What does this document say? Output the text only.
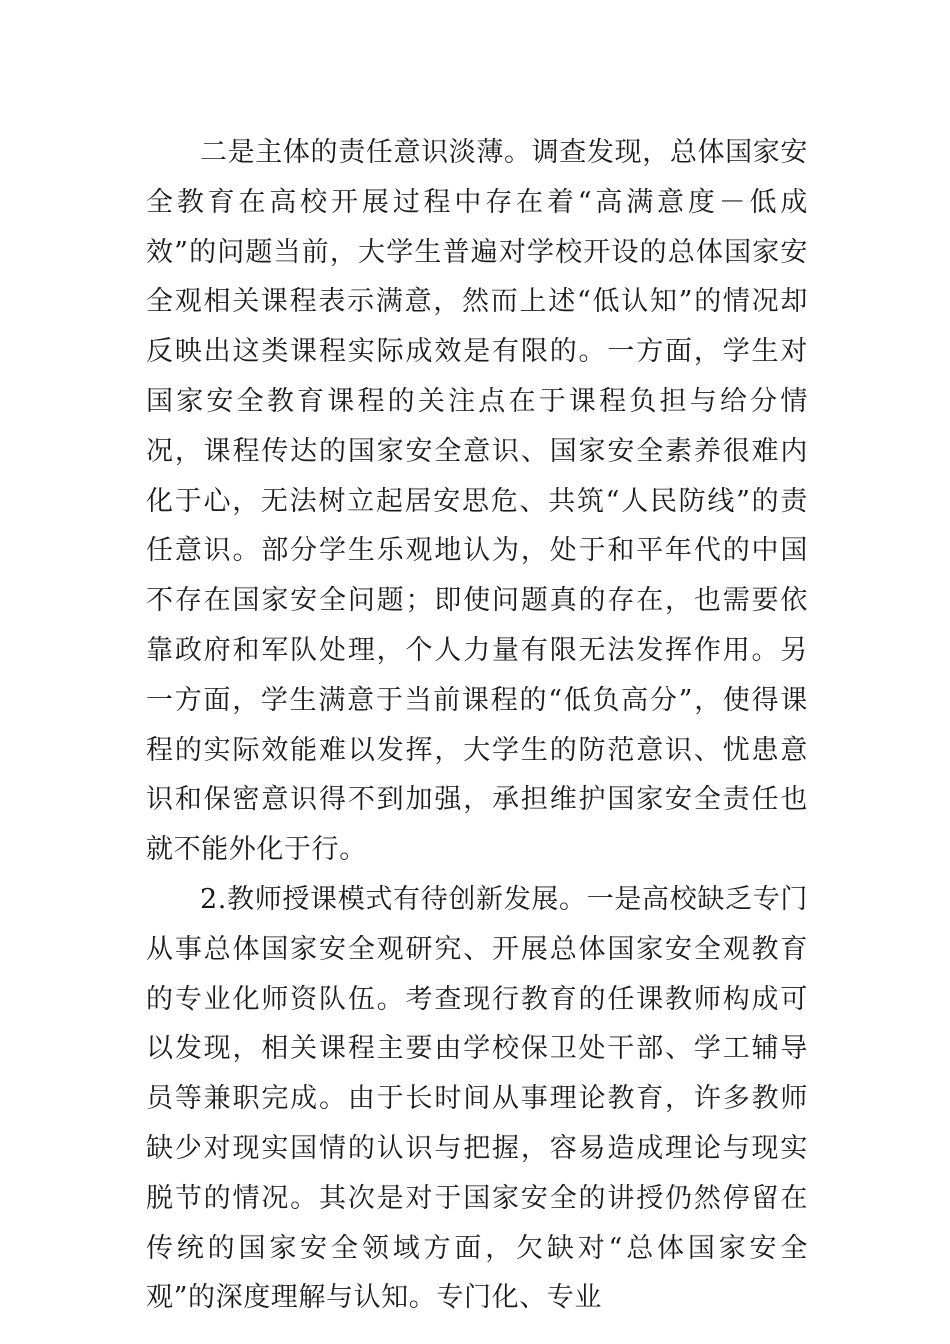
二是主体的责任意识淡薄。调查发现，总体国家安全教育在高校开展过程中存在着“高满意度－低成效”的问题当前，大学生普遍对学校开设的总体国家安全观相关课程表示满意，然而上述“低认知”的情况却反映出这类课程实际成效是有限的。一方面，学生对国家安全教育课程的关注点在于课程负担与给分情况，课程传达的国家安全意识、国家安全素养很难内化于心，无法树立起居安思危、共筑“人民防线”的责任意识。部分学生乐观地认为，处于和平年代的中国不存在国家安全问题；即使问题真的存在，也需要依靠政府和军队处理，个人力量有限无法发挥作用。另一方面，学生满意于当前课程的“低负高分”，使得课程的实际效能难以发挥，大学生的防范意识、忧患意识和保密意识得不到加强，承担维护国家安全责任也就不能外化于行。

2.教师授课模式有待创新发展。一是高校缺乏专门从事总体国家安全观研究、开展总体国家安全观教育的专业化师资队伍。考查现行教育的任课教师构成可以发现，相关课程主要由学校保卫处干部、学工辅导员等兼职完成。由于长时间从事理论教育，许多教师缺少对现实国情的认识与把握，容易造成理论与现实脱节的情况。其次是对于国家安全的讲授仍然停留在传统的国家安全领域方面，欠缺对“总体国家安全观”的深度理解与认知。专门化、专业
